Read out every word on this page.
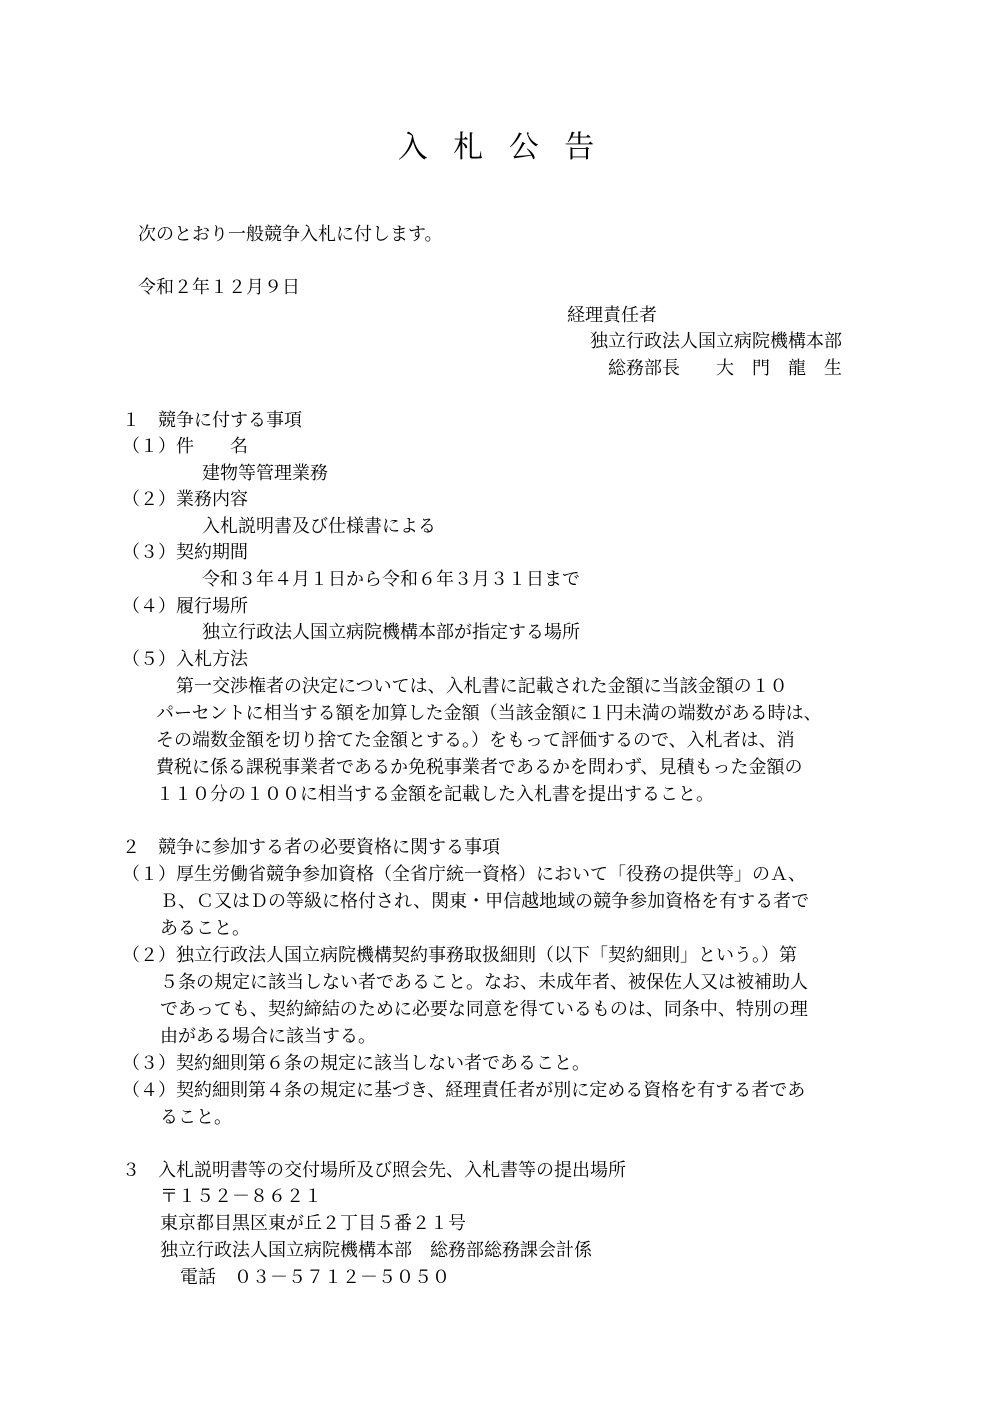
入 札 公 告
次のとおり一般競争入札に付します。
令和２年１２月９日
経理責任者
独立行政法人国立病院機構本部
総務部長　　大　門　龍　生
１　競争に付する事項
（１）件　　名
建物等管理業務
（２）業務内容
入札説明書及び仕様書による
（３）契約期間
令和３年４月１日から令和６年３月３１日まで
（４）履行場所
独立行政法人国立病院機構本部が指定する場所
（５）入札方法
第一交渉権者の決定については、入札書に記載された金額に当該金額の１０
パーセントに相当する額を加算した金額（当該金額に１円未満の端数がある時は、
その端数金額を切り捨てた金額とする。）をもって評価するので、入札者は、消
費税に係る課税事業者であるか免税事業者であるかを問わず、見積もった金額の
１１０分の１００に相当する金額を記載した入札書を提出すること。
２　競争に参加する者の必要資格に関する事項
（１）厚生労働省競争参加資格（全省庁統一資格）において「役務の提供等」のＡ、
Ｂ、Ｃ又はＤの等級に格付され、関東・甲信越地域の競争参加資格を有する者で
あること。
（２）独立行政法人国立病院機構契約事務取扱細則（以下「契約細則」という。）第
５条の規定に該当しない者であること。なお、未成年者、被保佐人又は被補助人
であっても、契約締結のために必要な同意を得ているものは、同条中、特別の理
由がある場合に該当する。
（３）契約細則第６条の規定に該当しない者であること。
（４）契約細則第４条の規定に基づき、経理責任者が別に定める資格を有する者であ
ること。
３　入札説明書等の交付場所及び照会先、入札書等の提出場所
〒１５２－８６２１
東京都目黒区東が丘２丁目５番２１号
独立行政法人国立病院機構本部　総務部総務課会計係
電話　０３－５７１２－５０５０
